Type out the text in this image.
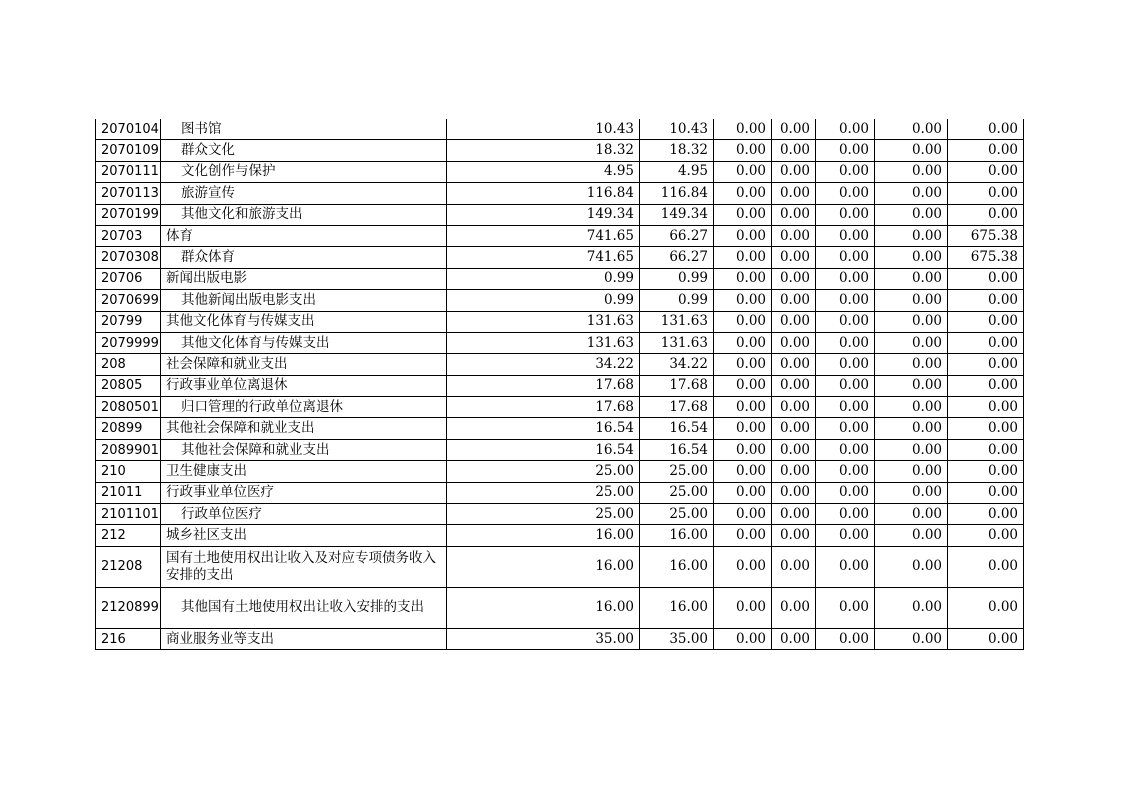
2070104	图书馆	10.43	10.43	0.00	0.00	0.00	0.00	0.00
2070109	群众文化	18.32	18.32	0.00	0.00	0.00	0.00	0.00
2070111	文化创作与保护	4.95	4.95	0.00	0.00	0.00	0.00	0.00
2070113	旅游宣传	116.84	116.84	0.00	0.00	0.00	0.00	0.00
2070199	其他文化和旅游支出	149.34	149.34	0.00	0.00	0.00	0.00	0.00
20703	体育	741.65	66.27	0.00	0.00	0.00	0.00	675.38
2070308	群众体育	741.65	66.27	0.00	0.00	0.00	0.00	675.38
20706	新闻出版电影	0.99	0.99	0.00	0.00	0.00	0.00	0.00
2070699	其他新闻出版电影支出	0.99	0.99	0.00	0.00	0.00	0.00	0.00
20799	其他文化体育与传媒支出	131.63	131.63	0.00	0.00	0.00	0.00	0.00
2079999	其他文化体育与传媒支出	131.63	131.63	0.00	0.00	0.00	0.00	0.00
208	社会保障和就业支出	34.22	34.22	0.00	0.00	0.00	0.00	0.00
20805	行政事业单位离退休	17.68	17.68	0.00	0.00	0.00	0.00	0.00
2080501	归口管理的行政单位离退休	17.68	17.68	0.00	0.00	0.00	0.00	0.00
20899	其他社会保障和就业支出	16.54	16.54	0.00	0.00	0.00	0.00	0.00
2089901	其他社会保障和就业支出	16.54	16.54	0.00	0.00	0.00	0.00	0.00
210	卫生健康支出	25.00	25.00	0.00	0.00	0.00	0.00	0.00
21011	行政事业单位医疗	25.00	25.00	0.00	0.00	0.00	0.00	0.00
2101101	行政单位医疗	25.00	25.00	0.00	0.00	0.00	0.00	0.00
212	城乡社区支出	16.00	16.00	0.00	0.00	0.00	0.00	0.00
21208	国有土地使用权出让收入及对应专项债务收入安排的支出	16.00	16.00	0.00	0.00	0.00	0.00	0.00
2120899	其他国有土地使用权出让收入安排的支出	16.00	16.00	0.00	0.00	0.00	0.00	0.00
216	商业服务业等支出	35.00	35.00	0.00	0.00	0.00	0.00	0.00
